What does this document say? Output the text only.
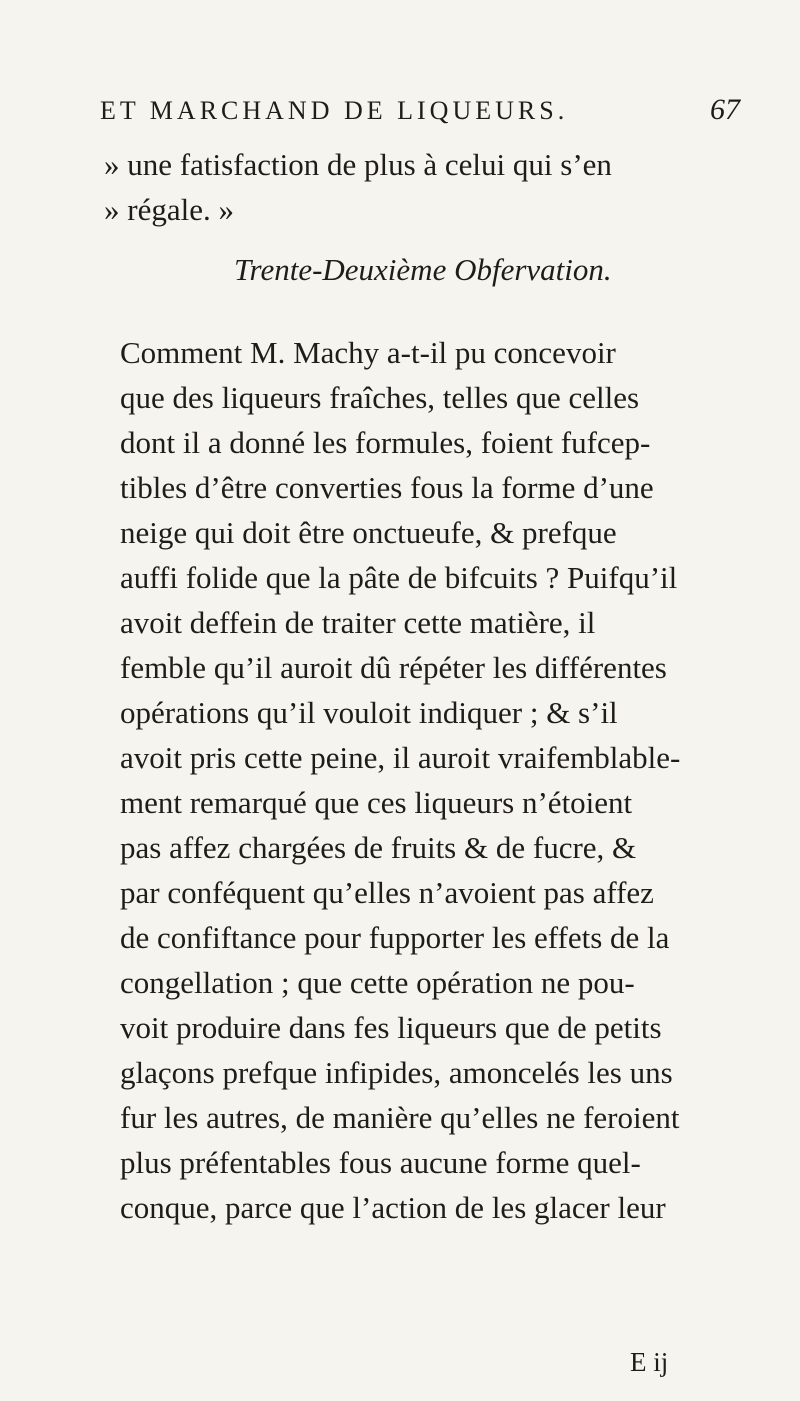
ET MARCHAND DE LIQUEURS.	67
» une fatisfaction de plus à celui qui s’en
» régale. »
Trente-Deuxième Obfervation.
Comment M. Machy a-t-il pu concevoir
que des liqueurs fraîches, telles que celles
dont il a donné les formules, foient fufcep-
tibles d’être converties fous la forme d’une
neige qui doit être onctueufe, & prefque
auffi folide que la pâte de bifcuits ? Puifqu’il
avoit deffein de traiter cette matière, il
femble qu’il auroit dû répéter les différentes
opérations qu’il vouloit indiquer ; & s’il
avoit pris cette peine, il auroit vraifemblable-
ment remarqué que ces liqueurs n’étoient
pas affez chargées de fruits & de fucre, &
par conféquent qu’elles n’avoient pas affez
de confiftance pour fupporter les effets de la
congellation ; que cette opération ne pou-
voit produire dans fes liqueurs que de petits
glaçons prefque infipides, amoncelés les uns
fur les autres, de manière qu’elles ne feroient
plus préfentables fous aucune forme quel-
conque, parce que l’action de les glacer leur
E ij
